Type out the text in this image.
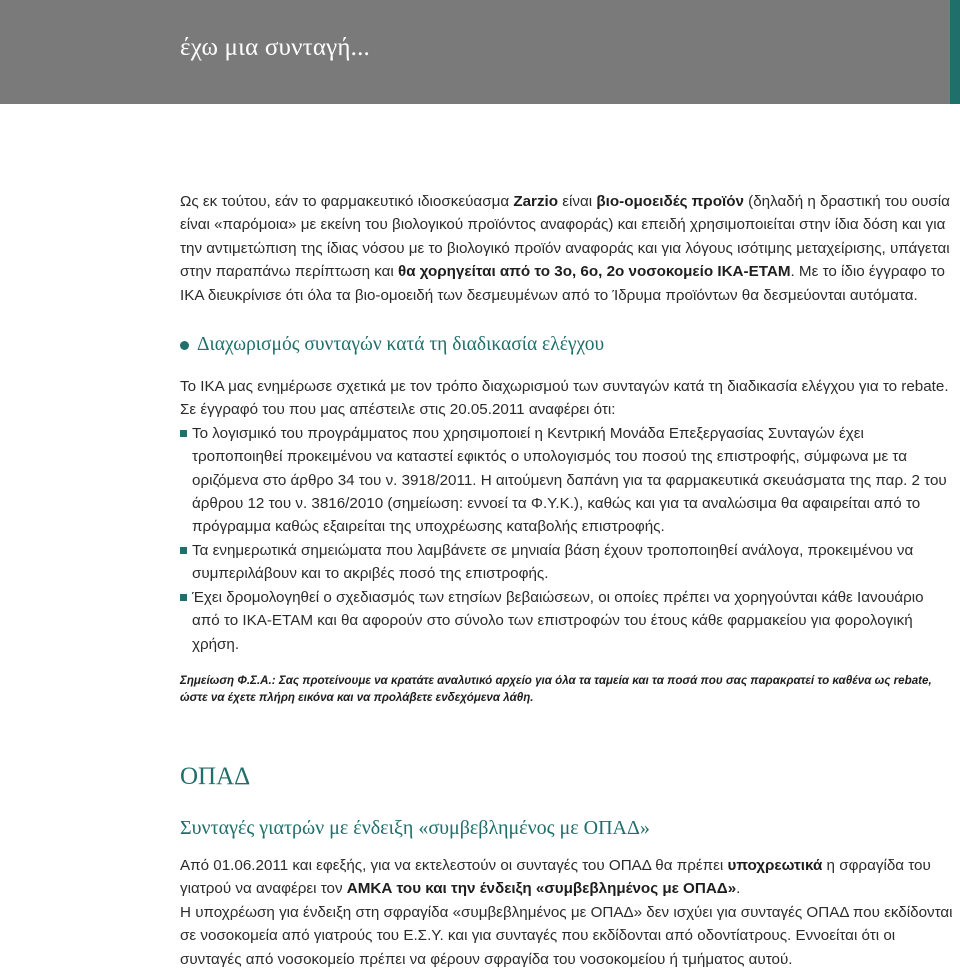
έχω μια συνταγή...

Ως εκ τούτου, εάν το φαρμακευτικό ιδιοσκεύασμα Zarzio είναι βιο-ομοειδές προϊόν (δηλαδή η δραστική του ουσία είναι «παρόμοια» με εκείνη του βιολογικού προϊόντος αναφοράς) και επειδή χρησιμοποιείται στην ίδια δόση και για την αντιμετώπιση της ίδιας νόσου με το βιολογικό προϊόν αναφοράς και για λόγους ισότιμης μεταχείρισης, υπάγεται στην παραπάνω περίπτωση και θα χορηγείται από το 3ο, 6ο, 2ο νοσοκομείο ΙΚΑ-ΕΤΑΜ. Με το ίδιο έγγραφο το ΙΚΑ διευκρίνισε ότι όλα τα βιο-ομοειδή των δεσμευμένων από το Ίδρυμα προϊόντων θα δεσμεύονται αυτόματα.

Διαχωρισμός συνταγών κατά τη διαδικασία ελέγχου

Το ΙΚΑ μας ενημέρωσε σχετικά με τον τρόπο διαχωρισμού των συνταγών κατά τη διαδικασία ελέγχου για το rebate. Σε έγγραφό του που μας απέστειλε στις 20.05.2011 αναφέρει ότι:

Το λογισμικό του προγράμματος που χρησιμοποιεί η Κεντρική Μονάδα Επεξεργασίας Συνταγών έχει τροποποιηθεί προκειμένου να καταστεί εφικτός ο υπολογισμός του ποσού της επιστροφής, σύμφωνα με τα οριζόμενα στο άρθρο 34 του ν. 3918/2011. Η αιτούμενη δαπάνη για τα φαρμακευτικά σκευάσματα της παρ. 2 του άρθρου 12 του ν. 3816/2010 (σημείωση: εννοεί τα Φ.Υ.Κ.), καθώς και για τα αναλώσιμα θα αφαιρείται από το πρόγραμμα καθώς εξαιρείται της υποχρέωσης καταβολής επιστροφής.
Τα ενημερωτικά σημειώματα που λαμβάνετε σε μηνιαία βάση έχουν τροποποιηθεί ανάλογα, προκειμένου να συμπεριλάβουν και το ακριβές ποσό της επιστροφής.
Έχει δρομολογηθεί ο σχεδιασμός των ετησίων βεβαιώσεων, οι οποίες πρέπει να χορηγούνται κάθε Ιανουάριο από το ΙΚΑ-ΕΤΑΜ και θα αφορούν στο σύνολο των επιστροφών του έτους κάθε φαρμακείου για φορολογική χρήση.
Σημείωση Φ.Σ.Α.: Σας προτείνουμε να κρατάτε αναλυτικό αρχείο για όλα τα ταμεία και τα ποσά που σας παρακρατεί το καθένα ως rebate, ώστε να έχετε πλήρη εικόνα και να προλάβετε ενδεχόμενα λάθη.
ΟΠΑΔ
Συνταγές γιατρών με ένδειξη «συμβεβλημένος με ΟΠΑΔ»

Από 01.06.2011 και εφεξής, για να εκτελεστούν οι συνταγές του ΟΠΑΔ θα πρέπει υποχρεωτικά η σφραγίδα του γιατρού να αναφέρει τον ΑΜΚΑ του και την ένδειξη «συμβεβλημένος με ΟΠΑΔ».

Η υποχρέωση για ένδειξη στη σφραγίδα «συμβεβλημένος με ΟΠΑΔ» δεν ισχύει για συνταγές ΟΠΑΔ που εκδίδονται σε νοσοκομεία από γιατρούς του Ε.Σ.Υ. και για συνταγές που εκδίδονται από οδοντίατρους. Εννοείται ότι οι συνταγές από νοσοκομείο πρέπει να φέρουν σφραγίδα του νοσοκομείου ή τμήματος αυτού.
